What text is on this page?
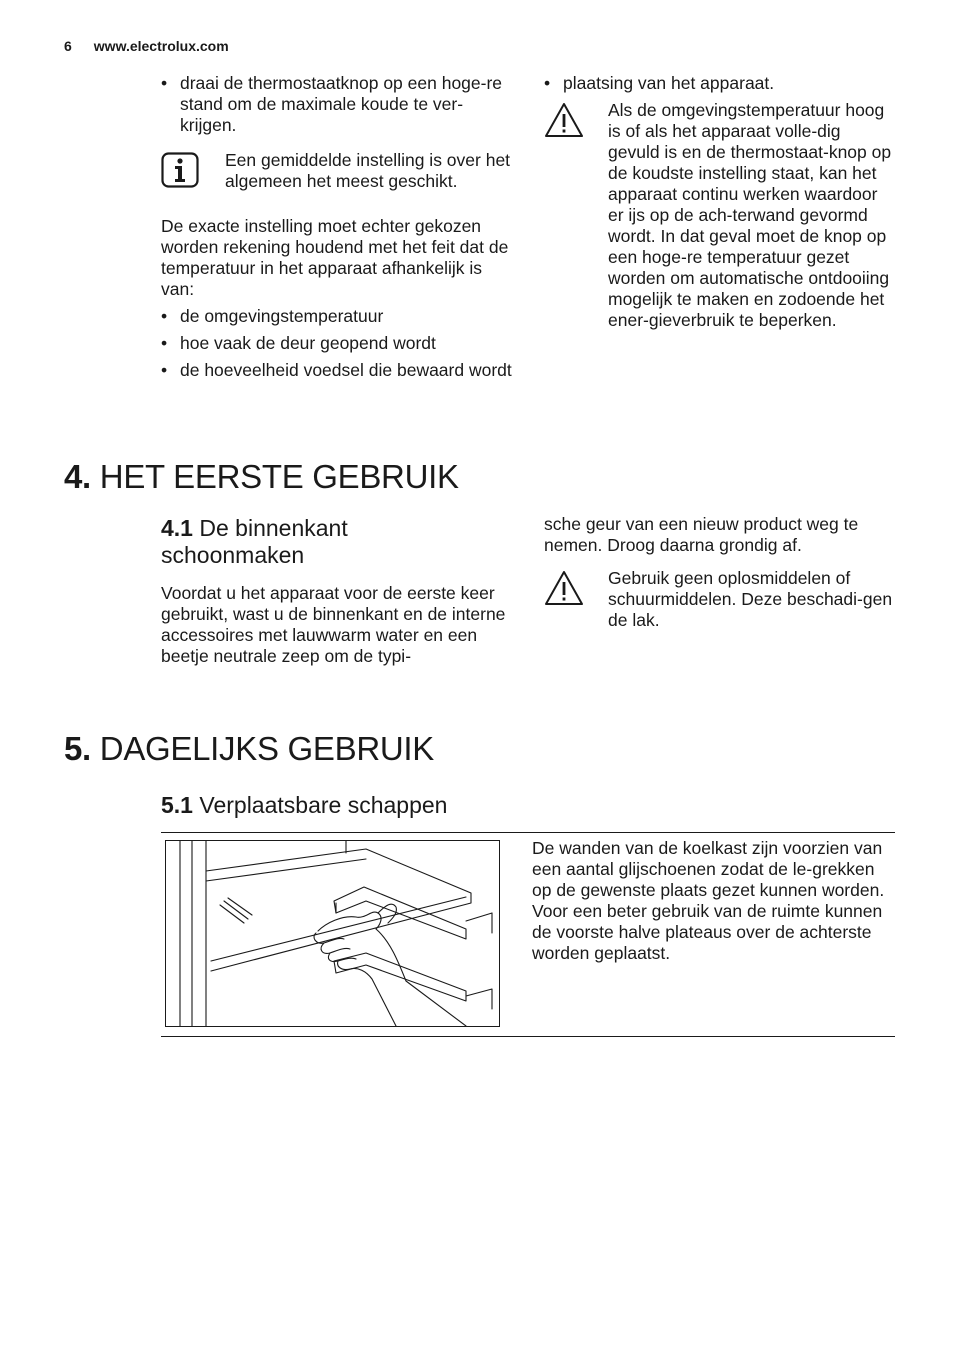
6 www.electrolux.com
• draai de thermostaatknop op een hoge-re stand om de maximale koude te ver-krijgen.
Een gemiddelde instelling is over het algemeen het meest geschikt.

De exacte instelling moet echter gekozen worden rekening houdend met het feit dat de temperatuur in het apparaat afhankelijk is van:

• de omgevingstemperatuur
• hoe vaak de deur geopend wordt
• de hoeveelheid voedsel die bewaard wordt
• plaatsing van het apparaat.
Als de omgevingstemperatuur hoog is of als het apparaat volle-dig gevuld is en de thermostaat-knop op de koudste instelling staat, kan het apparaat continu werken waardoor er ijs op de ach-terwand gevormd wordt. In dat geval moet de knop op een hoge-re temperatuur gezet worden om automatische ontdooiing mogelijk te maken en zodoende het ener-gieverbruik te beperken.
4. HET EERSTE GEBRUIK
4.1 De binnenkant schoonmaken

Voordat u het apparaat voor de eerste keer gebruikt, wast u de binnenkant en de interne accessoires met lauwwarm water en een beetje neutrale zeep om de typi-

sche geur van een nieuw product weg te nemen. Droog daarna grondig af.

Gebruik geen oplosmiddelen of schuurmiddelen. Deze beschadi-gen de lak.
5. DAGELIJKS GEBRUIK
5.1 Verplaatsbare schappen
De wanden van de koelkast zijn voorzien van een aantal glijschoenen zodat de le-grekken op de gewenste plaats gezet kunnen worden.
Voor een beter gebruik van de ruimte kunnen de voorste halve plateaus over de achterste worden geplaatst.
